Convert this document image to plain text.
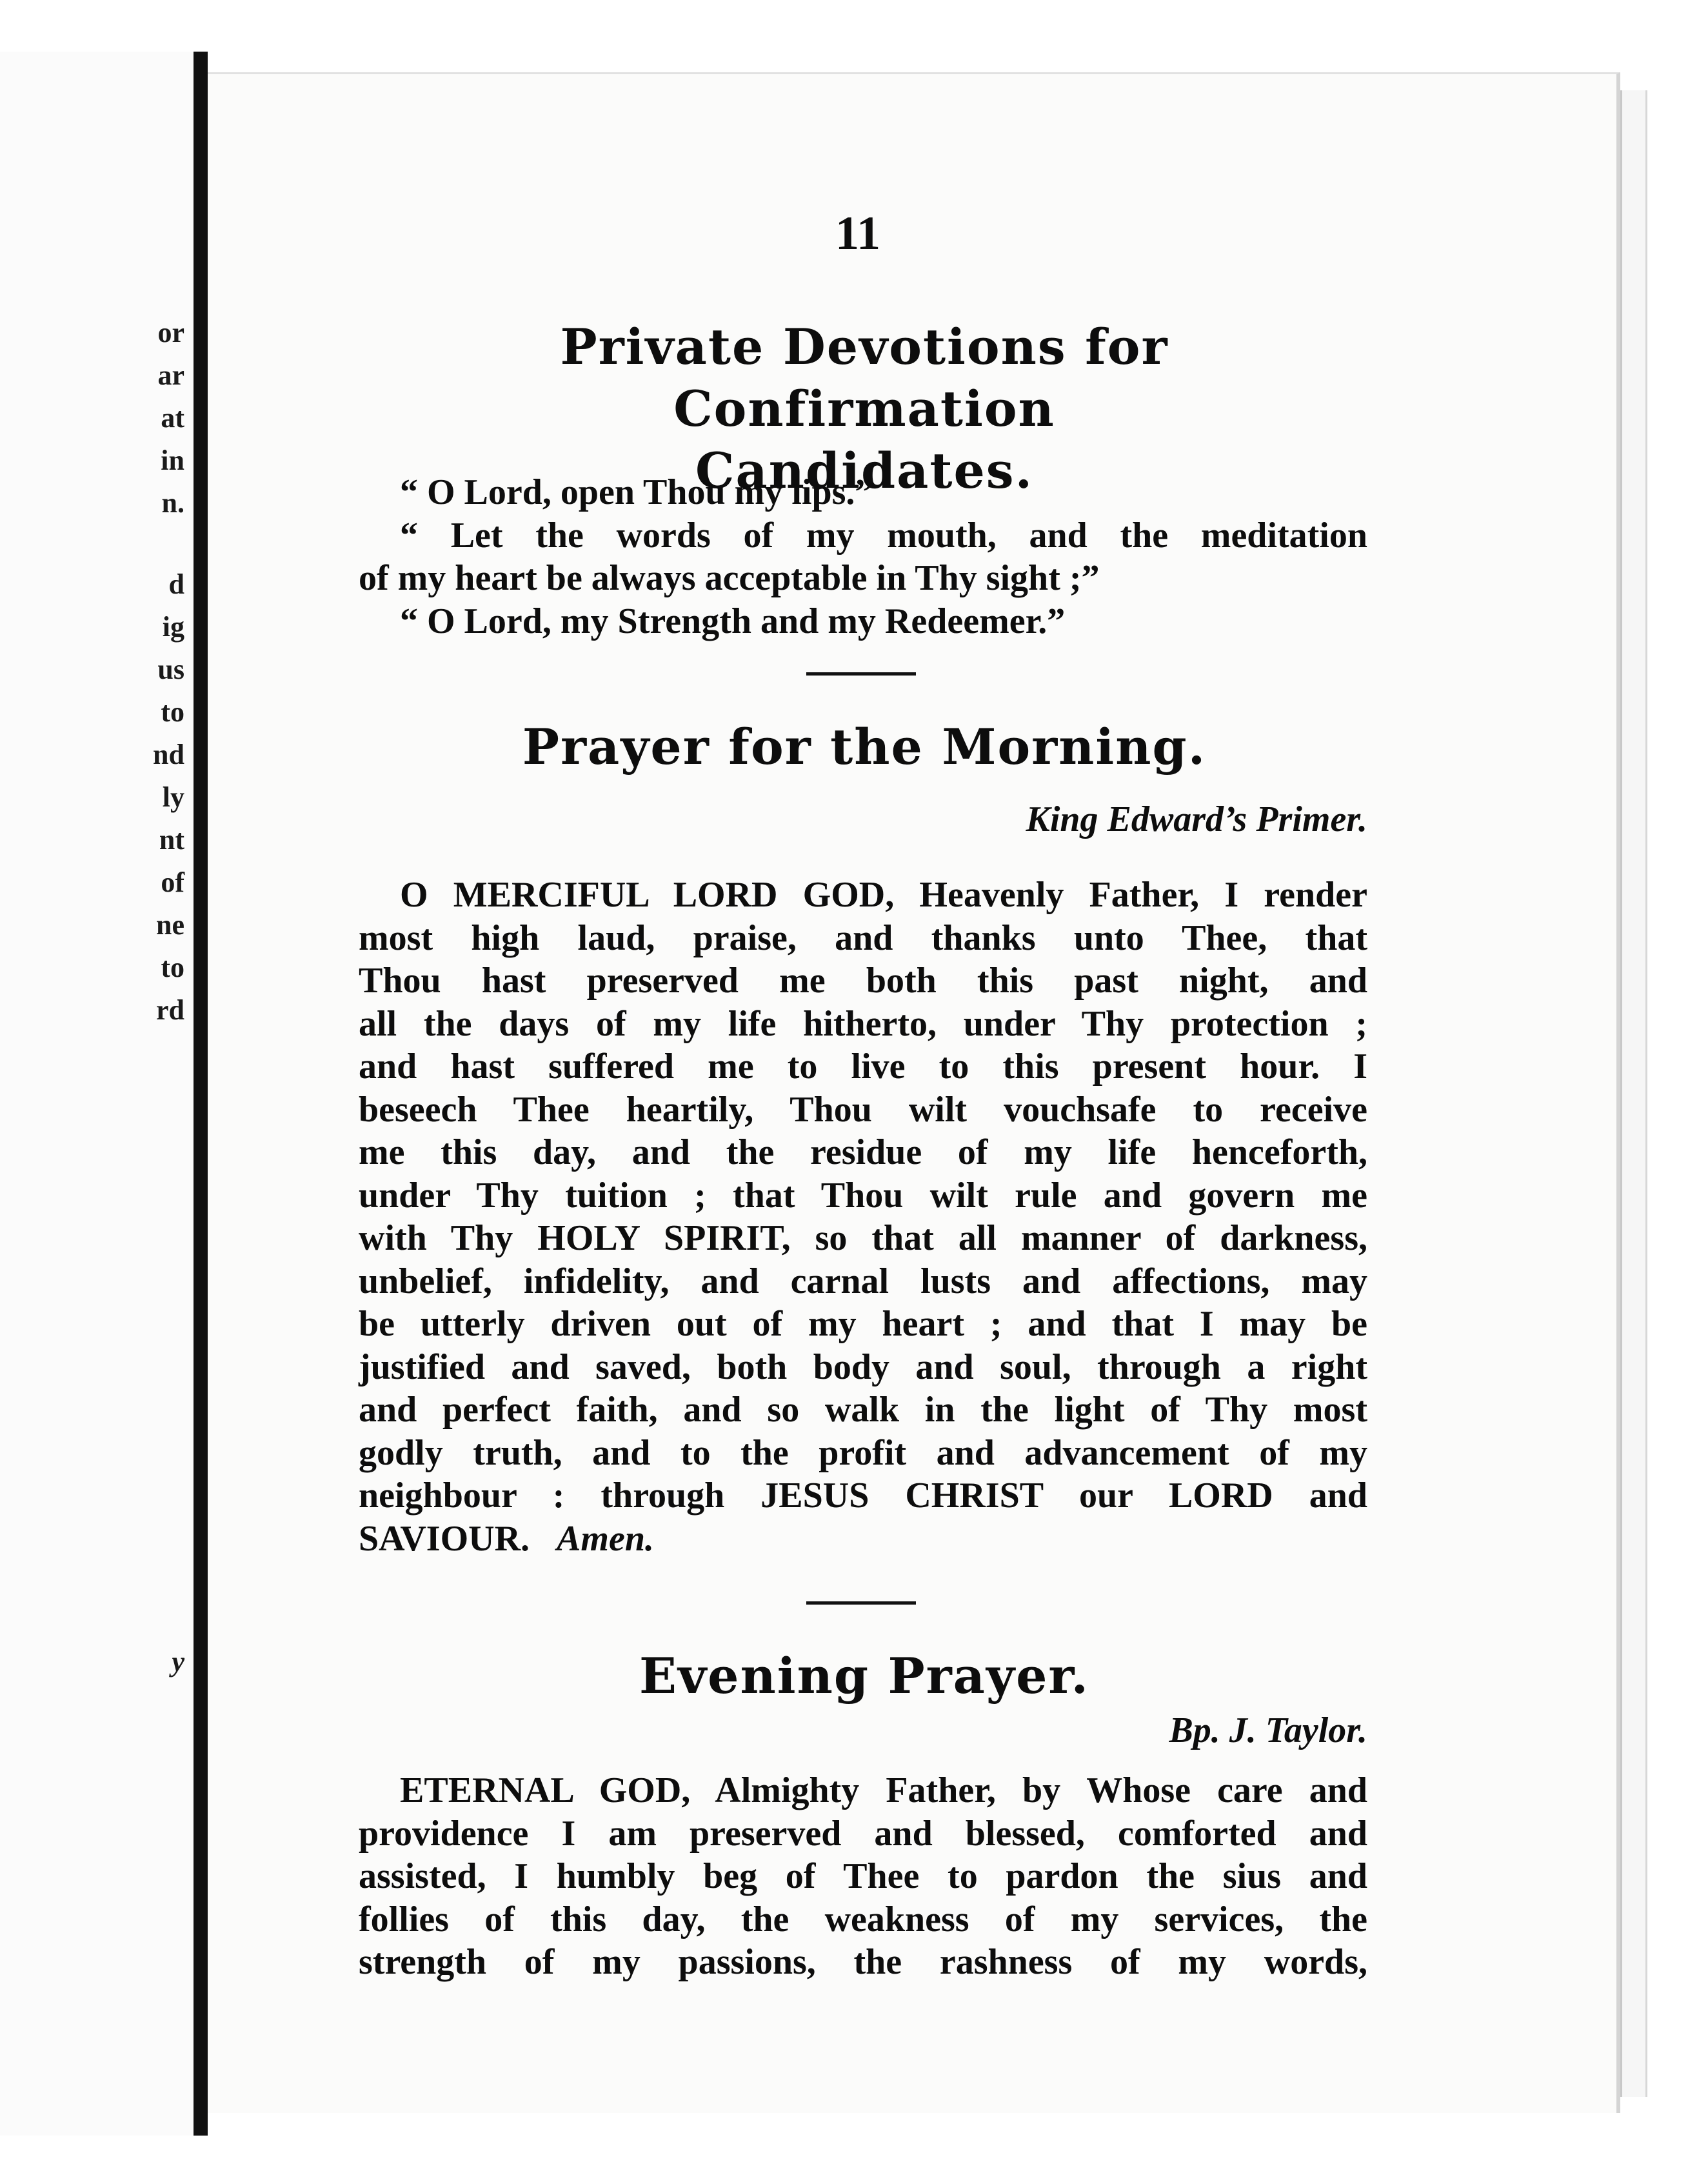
or
ar
at
in
n.
d
ig
us
to
nd
ly
nt
of
ne
to
rd
y
11
Private Devotions for Confirmation
Candidates.
“ O Lord, open Thou my lips.”
“ Let the words of my mouth, and the meditation
of my heart be always acceptable in Thy sight ;”
“ O Lord, my Strength and my Redeemer.”
Prayer for the Morning.
King Edward’s Primer.
O MERCIFUL LORD GOD, Heavenly Father, I render
most high laud, praise, and thanks unto Thee, that
Thou hast preserved me both this past night, and
all the days of my life hitherto, under Thy protection ;
and hast suffered me to live to this present hour. I
beseech Thee heartily, Thou wilt vouchsafe to receive
me this day, and the residue of my life henceforth,
under Thy tuition ; that Thou wilt rule and govern me
with Thy HOLY SPIRIT, so that all manner of darkness,
unbelief, infidelity, and carnal lusts and affections, may
be utterly driven out of my heart ; and that I may be
justified and saved, both body and soul, through a right
and perfect faith, and so walk in the light of Thy most
godly truth, and to the profit and advancement of my
neighbour : through JESUS CHRIST our LORD and
SAVIOUR. Amen.
Evening Prayer.
Bp. J. Taylor.
ETERNAL GOD, Almighty Father, by Whose care and
providence I am preserved and blessed, comforted and
assisted, I humbly beg of Thee to pardon the sius and
follies of this day, the weakness of my services, the
strength of my passions, the rashness of my words,
